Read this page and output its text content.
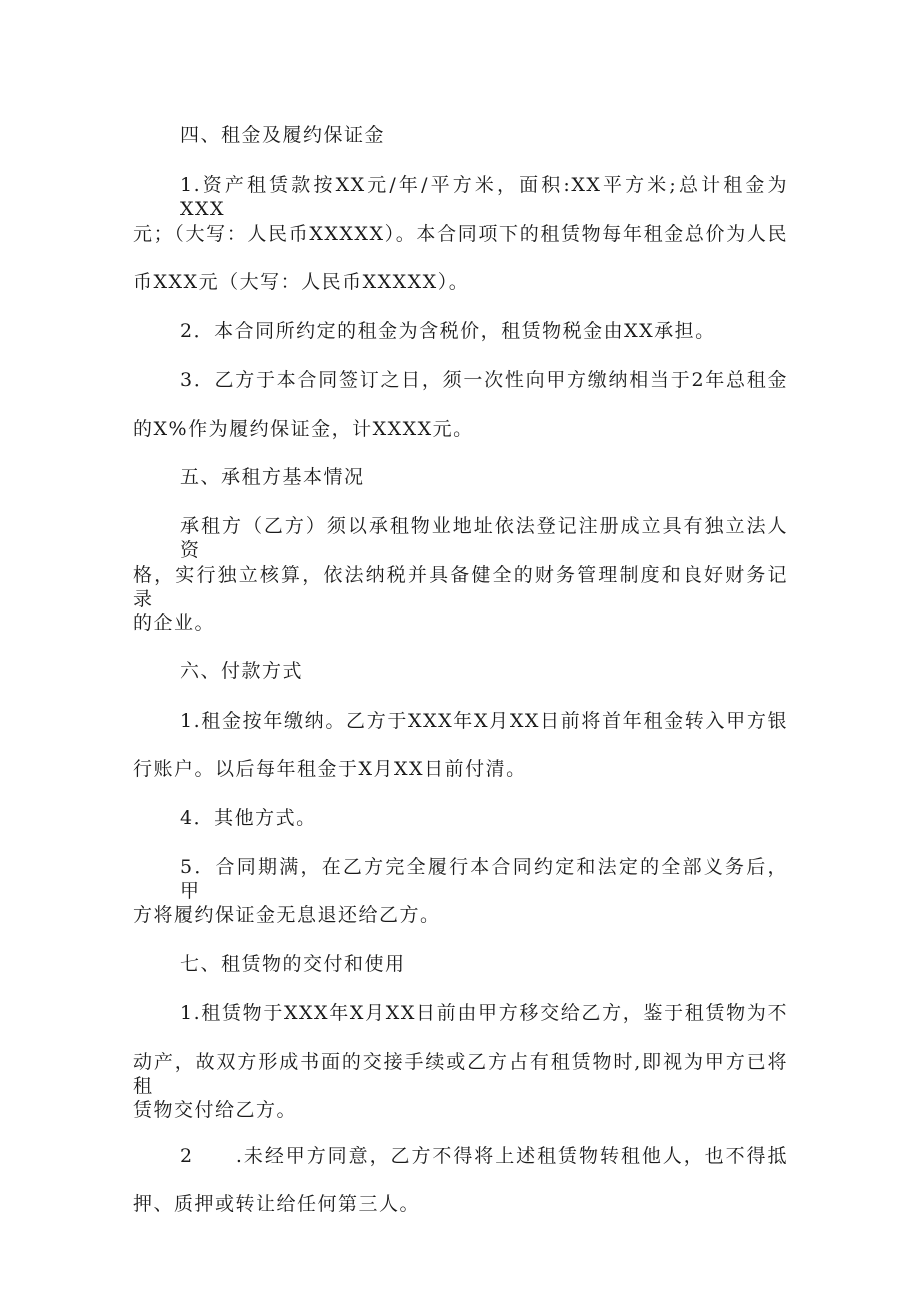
四、租金及履约保证金
1.资产租赁款按XX元/年/平方米，面积:XX平方米;总计租金为XXX
元；（大写：人民币XXXXX）。本合同项下的租赁物每年租金总价为人民
币XXX元（大写：人民币XXXXX）。
2．本合同所约定的租金为含税价，租赁物税金由XX承担。
3．乙方于本合同签订之日，须一次性向甲方缴纳相当于2年总租金
的X%作为履约保证金，计XXXX元。
五、承租方基本情况
承租方（乙方）须以承租物业地址依法登记注册成立具有独立法人资
格，实行独立核算，依法纳税并具备健全的财务管理制度和良好财务记录
的企业。
六、付款方式
1.租金按年缴纳。乙方于XXX年X月XX日前将首年租金转入甲方银
行账户。以后每年租金于X月XX日前付清。
4．其他方式。
5．合同期满，在乙方完全履行本合同约定和法定的全部义务后，甲
方将履约保证金无息退还给乙方。
七、租赁物的交付和使用
1.租赁物于XXX年X月XX日前由甲方移交给乙方，鉴于租赁物为不
动产，故双方形成书面的交接手续或乙方占有租赁物时,即视为甲方已将租
赁物交付给乙方。
2　　.未经甲方同意，乙方不得将上述租赁物转租他人，也不得抵
押、质押或转让给任何第三人。
